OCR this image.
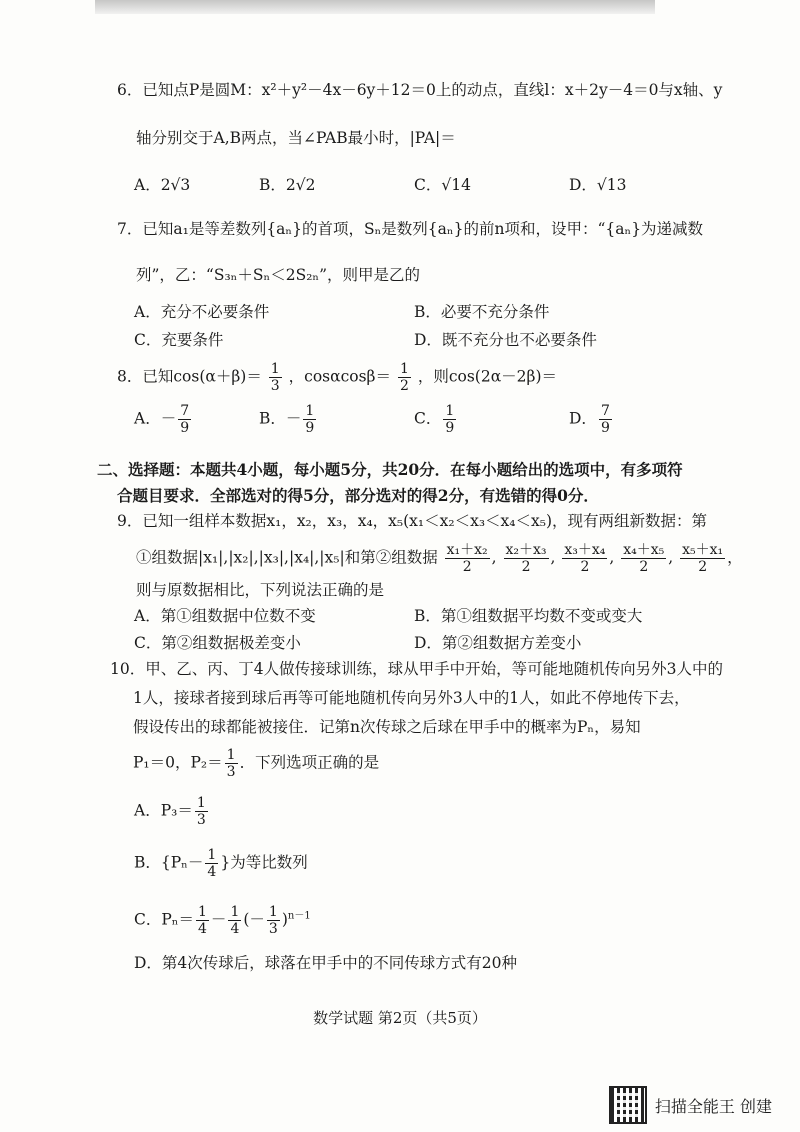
6．已知点P是圆M：x²＋y²－4x－6y＋12＝0上的动点，直线l：x＋2y－4＝0与x轴、y
轴分别交于A,B两点，当∠PAB最小时，|PA|＝
A．2√3	B．2√2	C．√14	D．√13
7．已知a₁是等差数列{aₙ}的首项，Sₙ是数列{aₙ}的前n项和，设甲：“{aₙ}为递减数
列”，乙：“S₃ₙ＋Sₙ＜2S₂ₙ”，则甲是乙的
A．充分不必要条件	B．必要不充分条件
C．充要条件	D．既不充分也不必要条件
8．已知$\cos(\alpha+\beta)= \frac{1}{3}$ ，$\cos\alpha\cos\beta= \frac{1}{2}$ ，则cos(2α－2β)＝
A．－ $\frac{7}{9}$	B．－ $\frac{1}{9}$	C． $\frac{1}{9}$	D． $\frac{7}{9}$
二、选择题：本题共4小题，每小题5分，共20分．在每小题给出的选项中，有多项符
合题目要求．全部选对的得5分，部分选对的得2分，有选错的得0分．
9．已知一组样本数据x₁，x₂，x₃，x₄，x₅(x₁＜x₂＜x₃＜x₄＜x₅)，现有两组新数据：第
①组数据|x₁|,|x₂|,|x₃|,|x₄|,|x₅|和第②组数据 $\frac{\text{x₁＋x₂}}{2}$ , $\frac{\text{x₂＋x₃}}{2}$ , $\frac{\text{x₃＋x₄}}{2}$ , $\frac{\text{x₄＋x₅}}{2}$ , $\frac{\text{x₅＋x₁}}{2}$ ，
则与原数据相比，下列说法正确的是
A．第①组数据中位数不变	B．第①组数据平均数不变或变大
C．第②组数据极差变小	D．第②组数据方差变小
10．甲、乙、丙、丁4人做传接球训练，球从甲手中开始，等可能地随机传向另外3人中的
1人，接球者接到球后再等可能地随机传向另外3人中的1人，如此不停地传下去，
假设传出的球都能被接住．记第n次传球之后球在甲手中的概率为Pₙ，易知
P₁＝0，$P_2= \frac{1}{3}$ ．下列选项正确的是
A．$P_3= \frac{1}{3}$
B．{$P_n- \frac{1}{4}$ }为等比数列
C．$P_n= \frac{1}{4} - \frac{1}{4}$ (－ $\frac{1}{3} )^{n-1}$
D．第4次传球后，球落在甲手中的不同传球方式有20种
数学试题 第2页（共5页）
扫描全能王 创建
